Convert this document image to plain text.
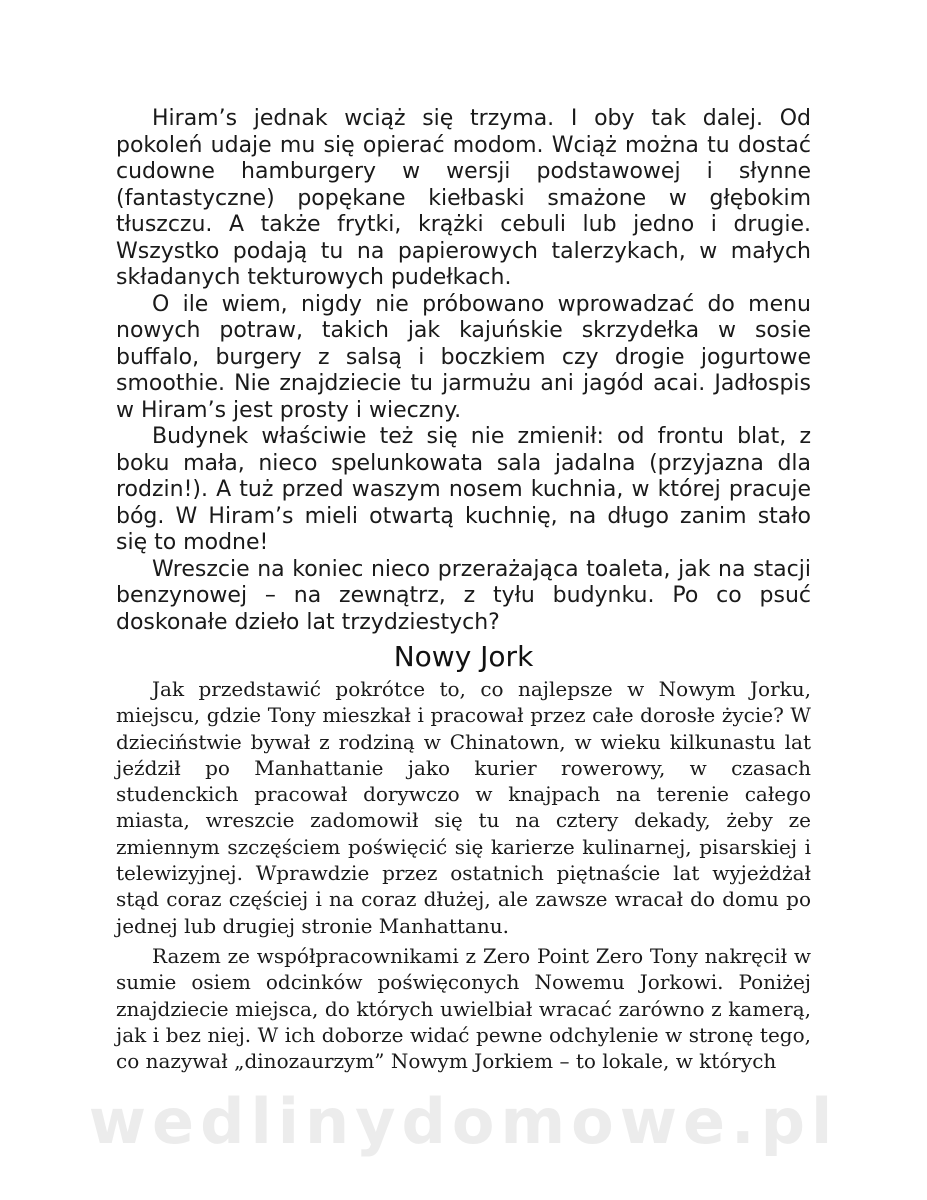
Hiram’s jednak wciąż się trzyma. I oby tak dalej. Od pokoleń udaje mu się opierać modom. Wciąż można tu dostać cudowne hamburgery w wersji podstawowej i słynne (fantastyczne) popękane kiełbaski smażone w głębokim tłuszczu. A także frytki, krążki cebuli lub jedno i drugie. Wszystko podają tu na papierowych talerzykach, w małych składanych tekturowych pudełkach.

O ile wiem, nigdy nie próbowano wprowadzać do menu nowych potraw, takich jak kajuńskie skrzydełka w sosie buffalo, burgery z salsą i boczkiem czy drogie jogurtowe smoothie. Nie znajdziecie tu jarmużu ani jagód acai. Jadłospis w Hiram’s jest prosty i wieczny.

Budynek właściwie też się nie zmienił: od frontu blat, z boku mała, nieco spelunkowata sala jadalna (przyjazna dla rodzin!). A tuż przed waszym nosem kuchnia, w której pracuje bóg. W Hiram’s mieli otwartą kuchnię, na długo zanim stało się to modne!

Wreszcie na koniec nieco przerażająca toaleta, jak na stacji benzynowej – na zewnątrz, z tyłu budynku. Po co psuć doskonałe dzieło lat trzydziestych?

Nowy Jork

Jak przedstawić pokrótce to, co najlepsze w Nowym Jorku, miejscu, gdzie Tony mieszkał i pracował przez całe dorosłe życie? W dzieciństwie bywał z rodziną w Chinatown, w wieku kilkunastu lat jeździł po Manhattanie jako kurier rowerowy, w czasach studenckich pracował dorywczo w knajpach na terenie całego miasta, wreszcie zadomowił się tu na cztery dekady, żeby ze zmiennym szczęściem poświęcić się karierze kulinarnej, pisarskiej i telewizyjnej. Wprawdzie przez ostatnich piętnaście lat wyjeżdżał stąd coraz częściej i na coraz dłużej, ale zawsze wracał do domu po jednej lub drugiej stronie Manhattanu.

Razem ze współpracownikami z Zero Point Zero Tony nakręcił w sumie osiem odcinków poświęconych Nowemu Jorkowi. Poniżej znajdziecie miejsca, do których uwielbiał wracać zarówno z kamerą, jak i bez niej. W ich doborze widać pewne odchylenie w stronę tego, co nazywał „dinozaurzym” Nowym Jorkiem – to lokale, w których

wedlinydomowe.pl
